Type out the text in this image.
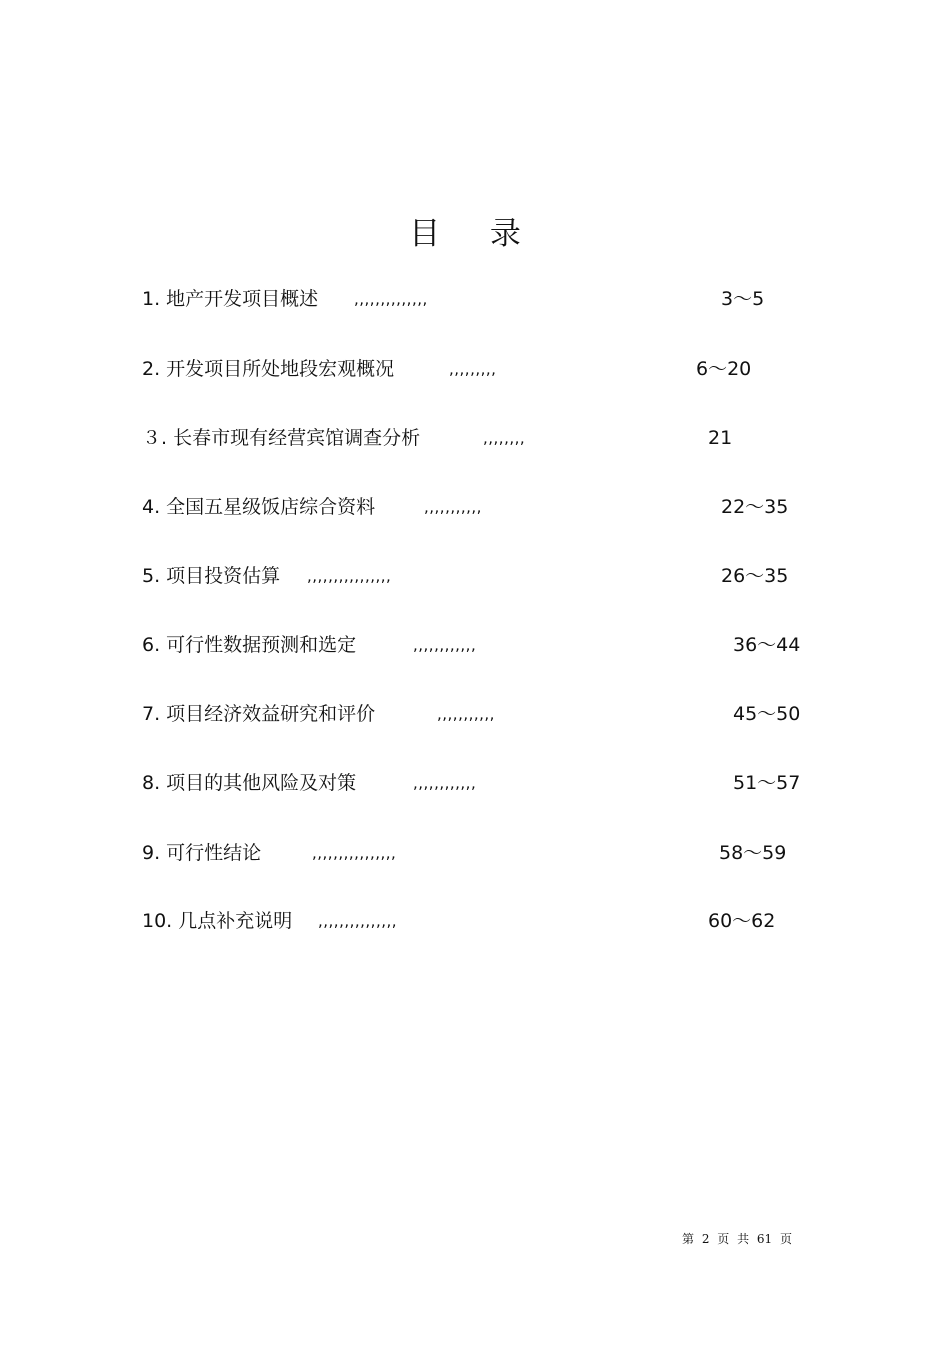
目 录
1. 地产开发项目概述 ,,,,,,,,,,,,,,	3～5
2. 开发项目所处地段宏观概况	,,,,,,,,,	6～20
３. 长春市现有经营宾馆调查分析	,,,,,,,,	21
4. 全国五星级饭店综合资料	,,,,,,,,,,,	22～35
5. 项目投资估算 ,,,,,,,,,,,,,,,,	26～35
6. 可行性数据预测和选定	,,,,,,,,,,,,	36～44
7. 项目经济效益研究和评价	,,,,,,,,,,,	45～50
8. 项目的其他风险及对策	,,,,,,,,,,,,	51～57
9. 可行性结论	,,,,,,,,,,,,,,,,	58～59
10. 几点补充说明 ,,,,,,,,,,,,,,,	60～62
第 2 页 共 61 页
